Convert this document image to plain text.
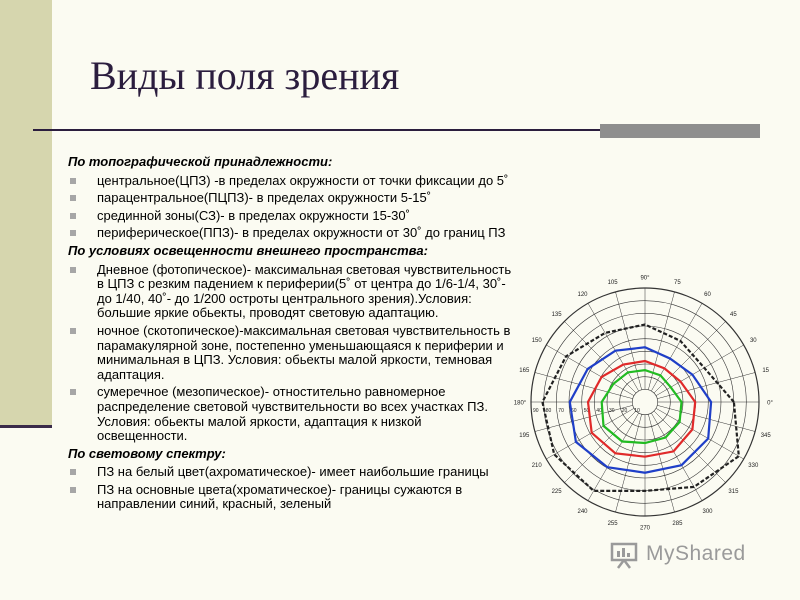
Виды поля зрения
По топографической принадлежности:
центральное(ЦПЗ) -в пределах окружности от точки фиксации до 5˚
парацентральное(ПЦПЗ)- в пределах окружности 5-15˚
срединной зоны(СЗ)- в пределах окружности 15-30˚
периферическое(ППЗ)- в пределах окружности от 30˚ до границ ПЗ
По условиях освещенности внешнего пространства:
Дневное (фотопическое)- максимальная световая чувствительность в ЦПЗ с резким падением к периферии(5˚ от центра до 1/6-1/4, 30˚- до 1/40, 40˚- до 1/200 остроты центрального зрения).Условия: большие яркие обьекты, проводят световую адаптацию.
ночное (скотопическое)-максимальная световая чувствительность в парамакулярной зоне, постепенно уменьшающаяся к периферии и минимальная в ЦПЗ. Условия: обьекты малой яркости, темновая адаптация.
сумеречное (мезопическое)- отностительно равномерное распределение световой чувствительности во всех участках ПЗ. Условия: обьекты малой яркости, адаптация к низкой освещенности.
По световому спектру:
ПЗ на белый цвет(ахроматическое)- имеет наибольшие границы
ПЗ на основные цвета(хроматическое)- границы сужаются в направлении синий, красный, зеленый
90°
105
120
135
150
165
180°
195
210
225
240
255
270
285
300
315
330
345
0°
15
30
45
60
75
90 80 70 60 50 40 30 20 10
MyShared
